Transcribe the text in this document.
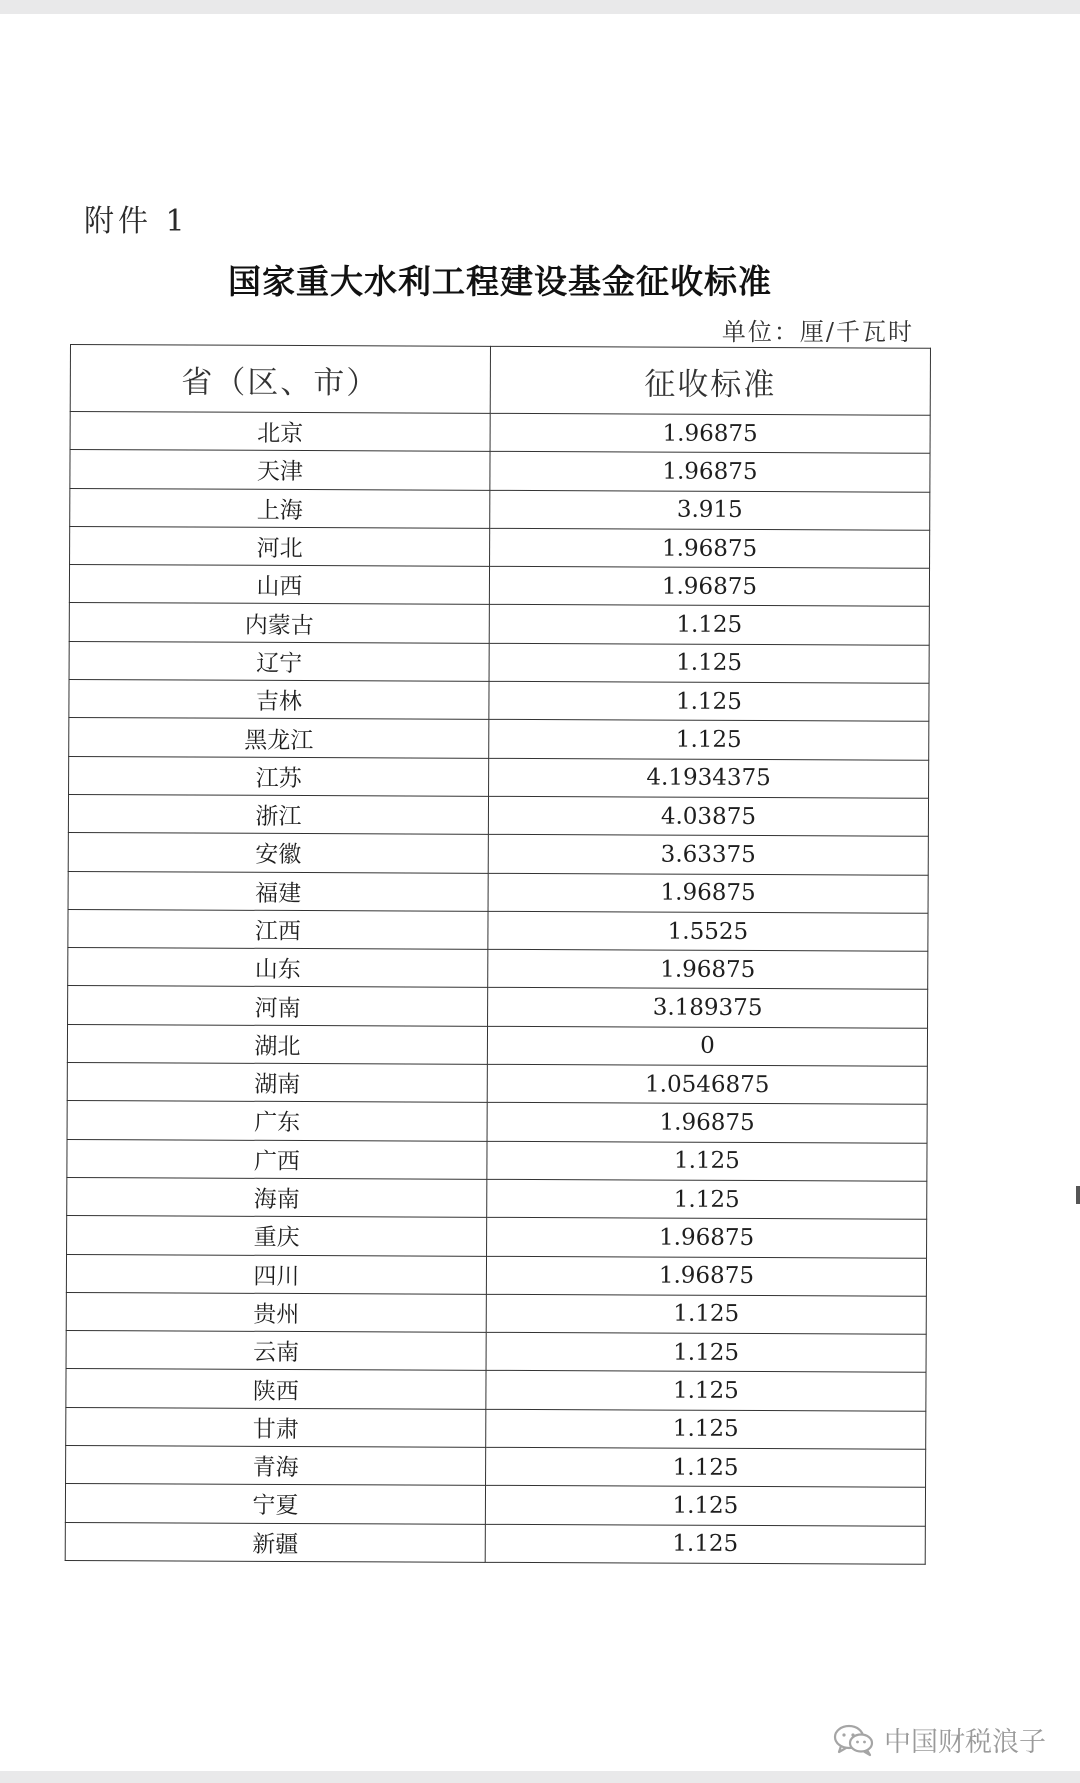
附件 1
国家重大水利工程建设基金征收标准
单位：厘/千瓦时
省（区、市）	征收标准
北京	1.96875
天津	1.96875
上海	3.915
河北	1.96875
山西	1.96875
内蒙古	1.125
辽宁	1.125
吉林	1.125
黑龙江	1.125
江苏	4.1934375
浙江	4.03875
安徽	3.63375
福建	1.96875
江西	1.5525
山东	1.96875
河南	3.189375
湖北	0
湖南	1.0546875
广东	1.96875
广西	1.125
海南	1.125
重庆	1.96875
四川	1.96875
贵州	1.125
云南	1.125
陕西	1.125
甘肃	1.125
青海	1.125
宁夏	1.125
新疆	1.125
中国财税浪子
